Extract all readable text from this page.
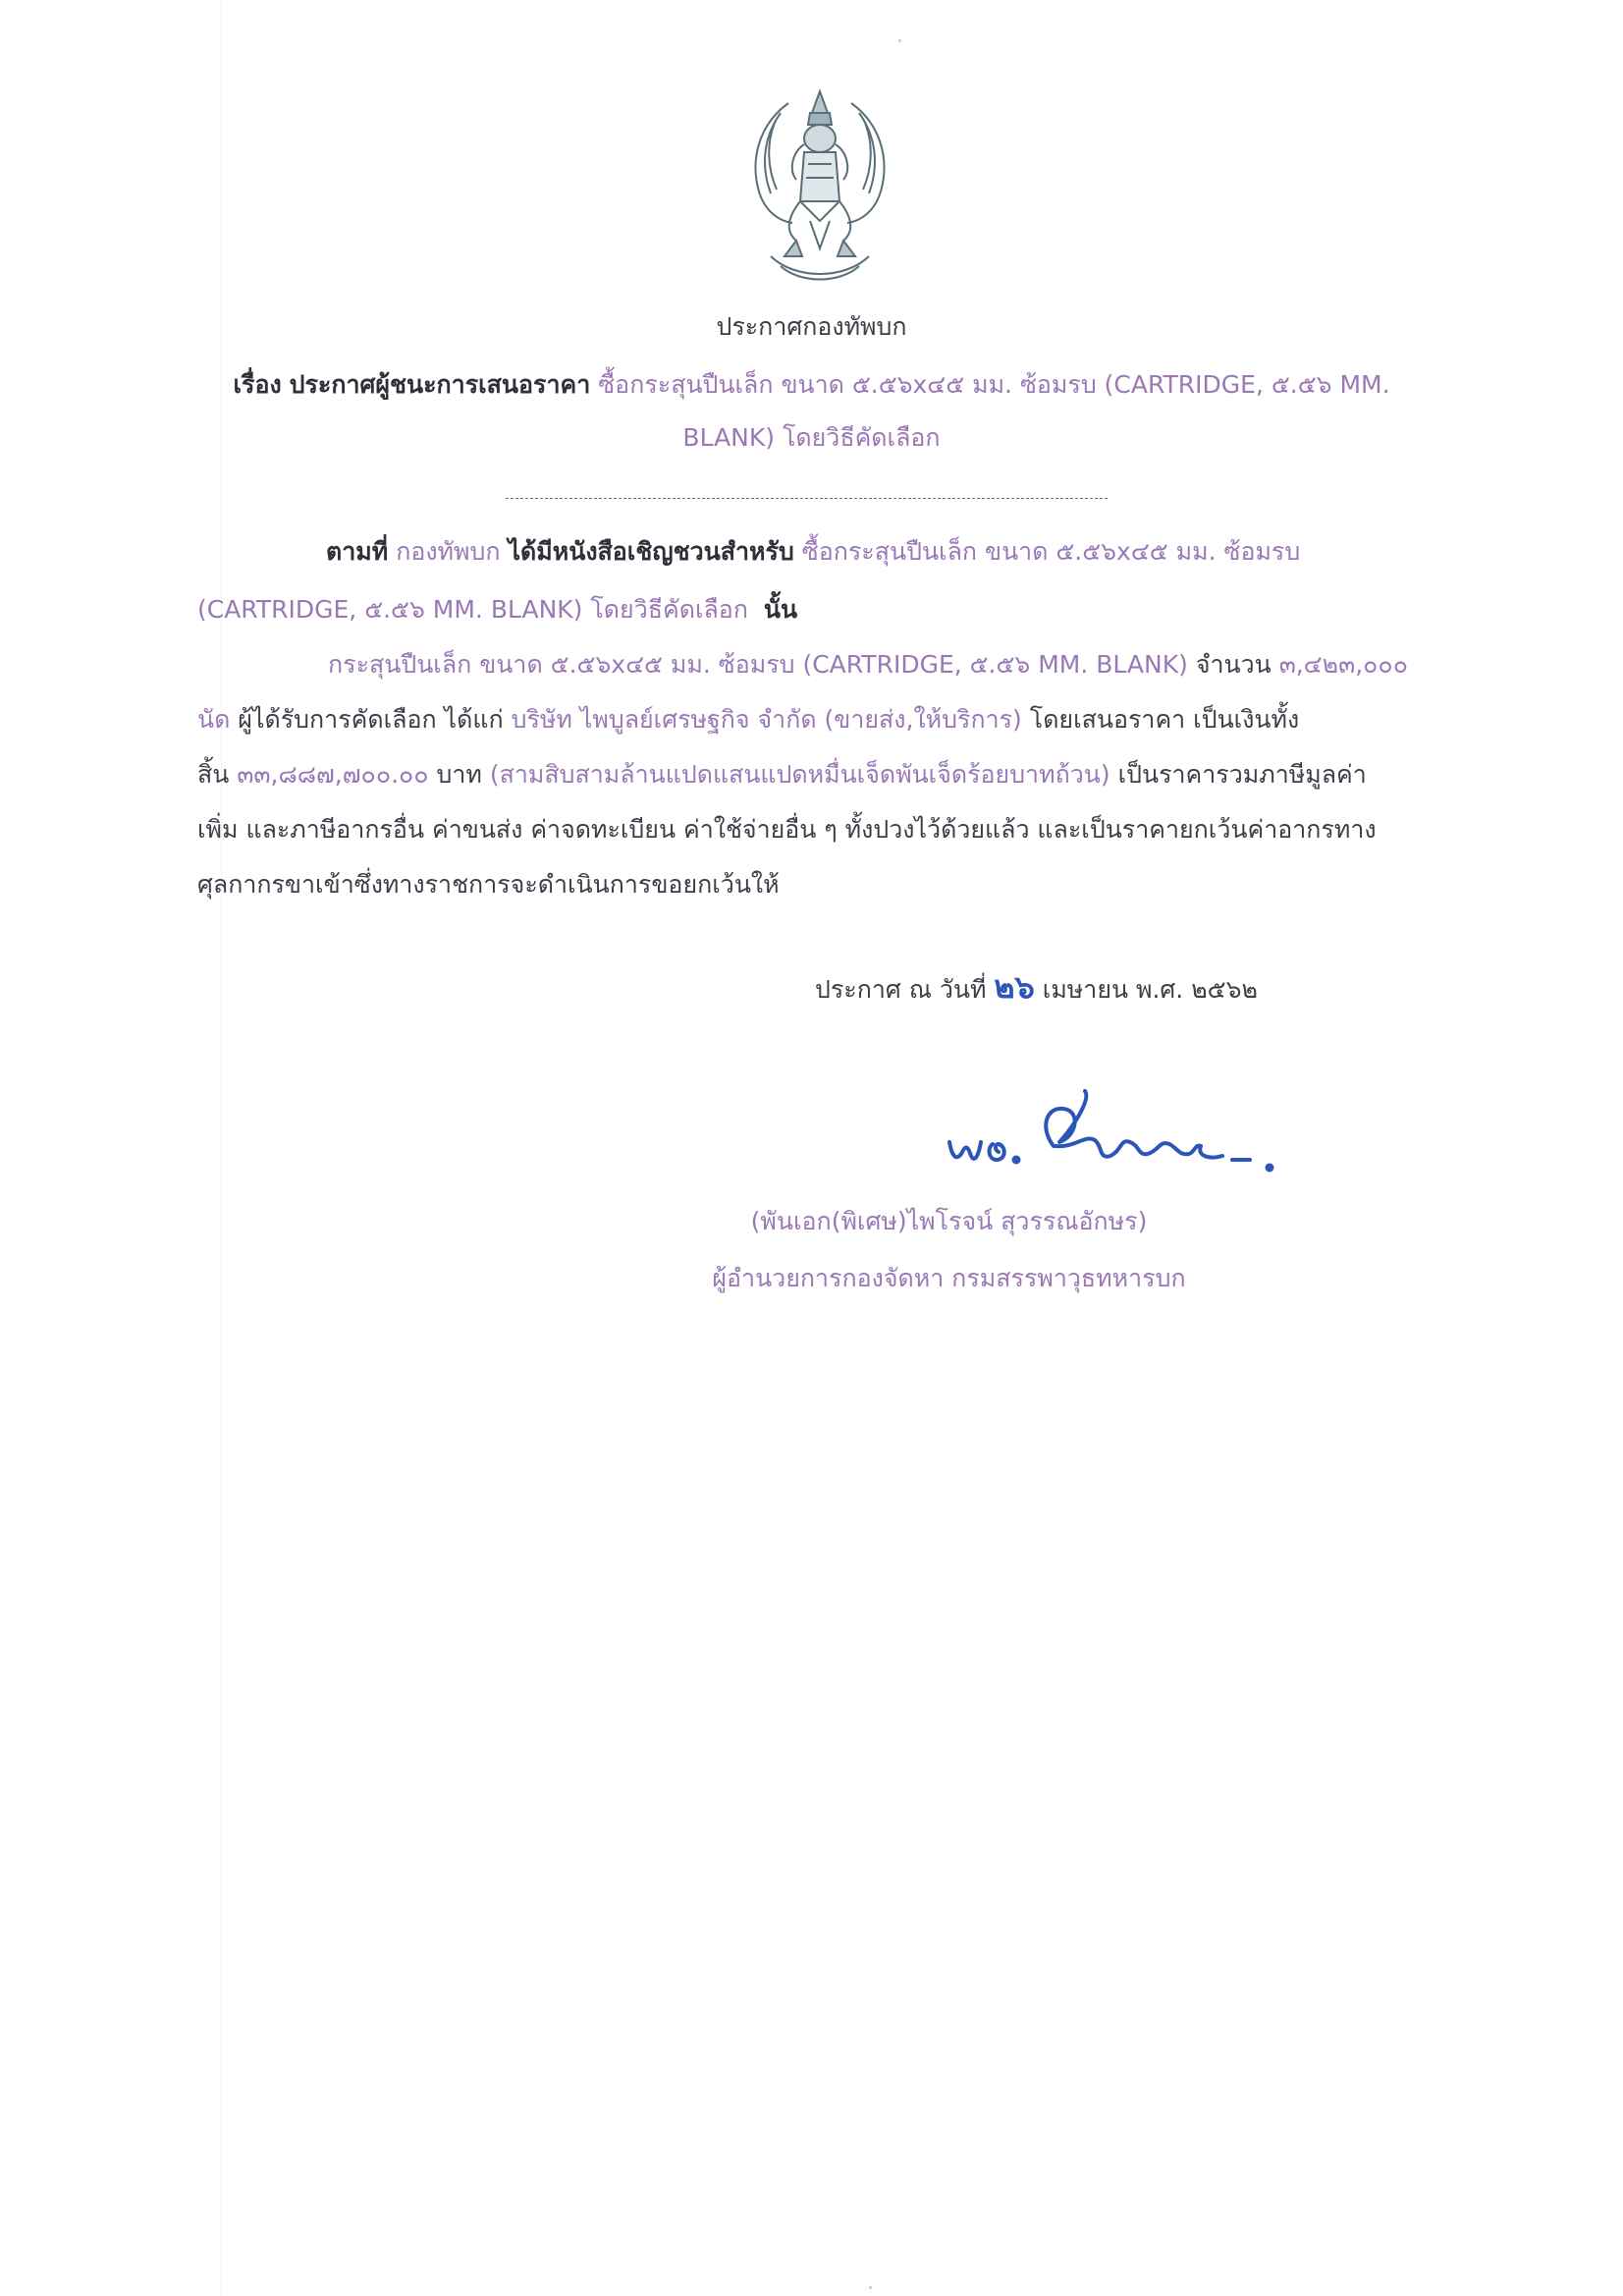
ประกาศกองทัพบก
เรื่อง ประกาศผู้ชนะการเสนอราคา ซื้อกระสุนปืนเล็ก ขนาด ๕.๕๖x๔๕ มม. ซ้อมรบ (CARTRIDGE, ๕.๕๖ MM.
BLANK) โดยวิธีคัดเลือก
ตามที่ กองทัพบก ได้มีหนังสือเชิญชวนสำหรับ ซื้อกระสุนปืนเล็ก ขนาด ๕.๕๖x๔๕ มม. ซ้อมรบ
(CARTRIDGE, ๕.๕๖ MM. BLANK) โดยวิธีคัดเลือก นั้น
กระสุนปืนเล็ก ขนาด ๕.๕๖x๔๕ มม. ซ้อมรบ (CARTRIDGE, ๕.๕๖ MM. BLANK) จำนวน ๓,๔๒๓,๐๐๐
นัด ผู้ได้รับการคัดเลือก ได้แก่ บริษัท ไพบูลย์เศรษฐกิจ จำกัด (ขายส่ง,ให้บริการ) โดยเสนอราคา เป็นเงินทั้ง
สิ้น ๓๓,๘๘๗,๗๐๐.๐๐ บาท (สามสิบสามล้านแปดแสนแปดหมื่นเจ็ดพันเจ็ดร้อยบาทถ้วน) เป็นราคารวมภาษีมูลค่า
เพิ่ม และภาษีอากรอื่น ค่าขนส่ง ค่าจดทะเบียน ค่าใช้จ่ายอื่น ๆ ทั้งปวงไว้ด้วยแล้ว และเป็นราคายกเว้นค่าอากรทาง
ศุลกากรขาเข้าซึ่งทางราชการจะดำเนินการขอยกเว้นให้
ประกาศ ณ วันที่ ๒๖ เมษายน พ.ศ. ๒๕๖๒
(พันเอก(พิเศษ)ไพโรจน์ สุวรรณอักษร)
ผู้อำนวยการกองจัดหา กรมสรรพาวุธทหารบก
